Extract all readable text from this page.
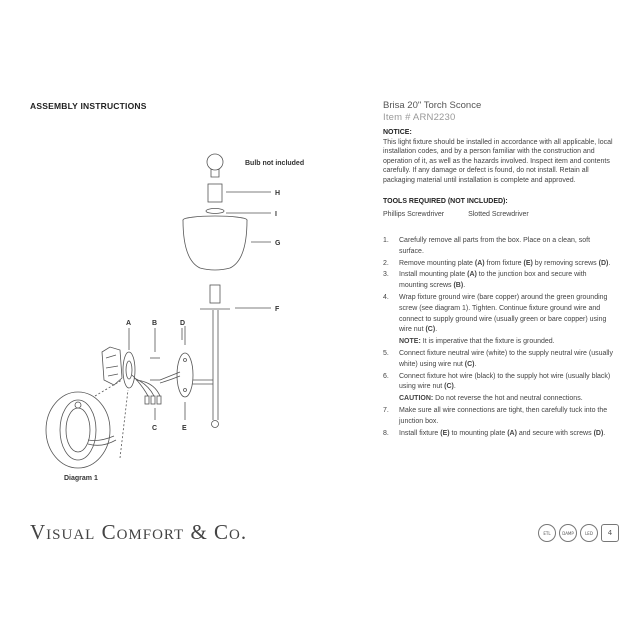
ASSEMBLY INSTRUCTIONS
Bulb not included
H
I
G
F
A	B	D
C	E
Diagram 1
Brisa 20" Torch Sconce
Item # ARN2230
NOTICE:
This light fixture should be installed in accordance with all applicable, local installation codes, and by a person familiar with the construction and operation of it, as well as the hazards involved. Inspect item and contents carefully. If any damage or defect is found, do not install. Retain all packaging material until installation is complete and approved.
TOOLS REQUIRED (NOT INCLUDED):
Phillips Screwdriver	Slotted Screwdriver
1.	Carefully remove all parts from the box. Place on a clean, soft surface.
2.	Remove mounting plate (A) from fixture (E) by removing screws (D).
3.	Install mounting plate (A) to the junction box and secure with mounting screws (B).
4.	Wrap fixture ground wire (bare copper) around the green grounding screw (see diagram 1). Tighten. Continue fixture ground wire and connect to supply ground wire (usually green or bare copper) using wire nut (C).
NOTE: It is imperative that the fixture is grounded.
5.	Connect fixture neutral wire (white) to the supply neutral wire (usually white) using wire nut (C).
6.	Connect fixture hot wire (black) to the supply hot wire (usually black) using wire nut (C).
CAUTION: Do not reverse the hot and neutral connections.
7.	Make sure all wire connections are tight, then carefully tuck into the junction box.
8.	Install fixture (E) to mounting plate (A) and secure with screws (D).
Visual Comfort & Co.	ETL	DAMP	LED	4
